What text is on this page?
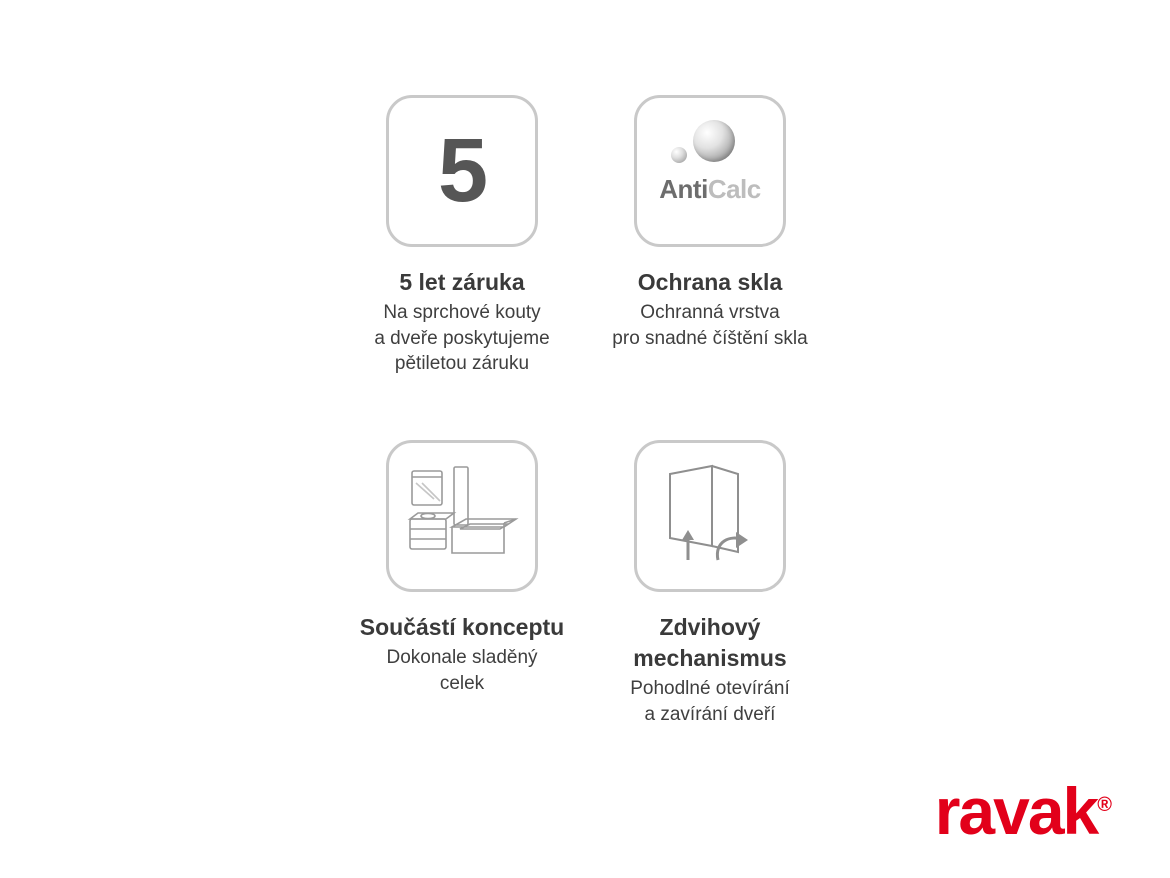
5
5 let záruka
Na sprchové kouty
a dveře poskytujeme
pětiletou záruku
AntiCalc
Ochrana skla
Ochranná vrstva
pro snadné číštění skla
Součástí konceptu
Dokonale sladěný
celek
Zdvihový mechanismus
Pohodlné otevírání
a zavírání dveří
ravak®
